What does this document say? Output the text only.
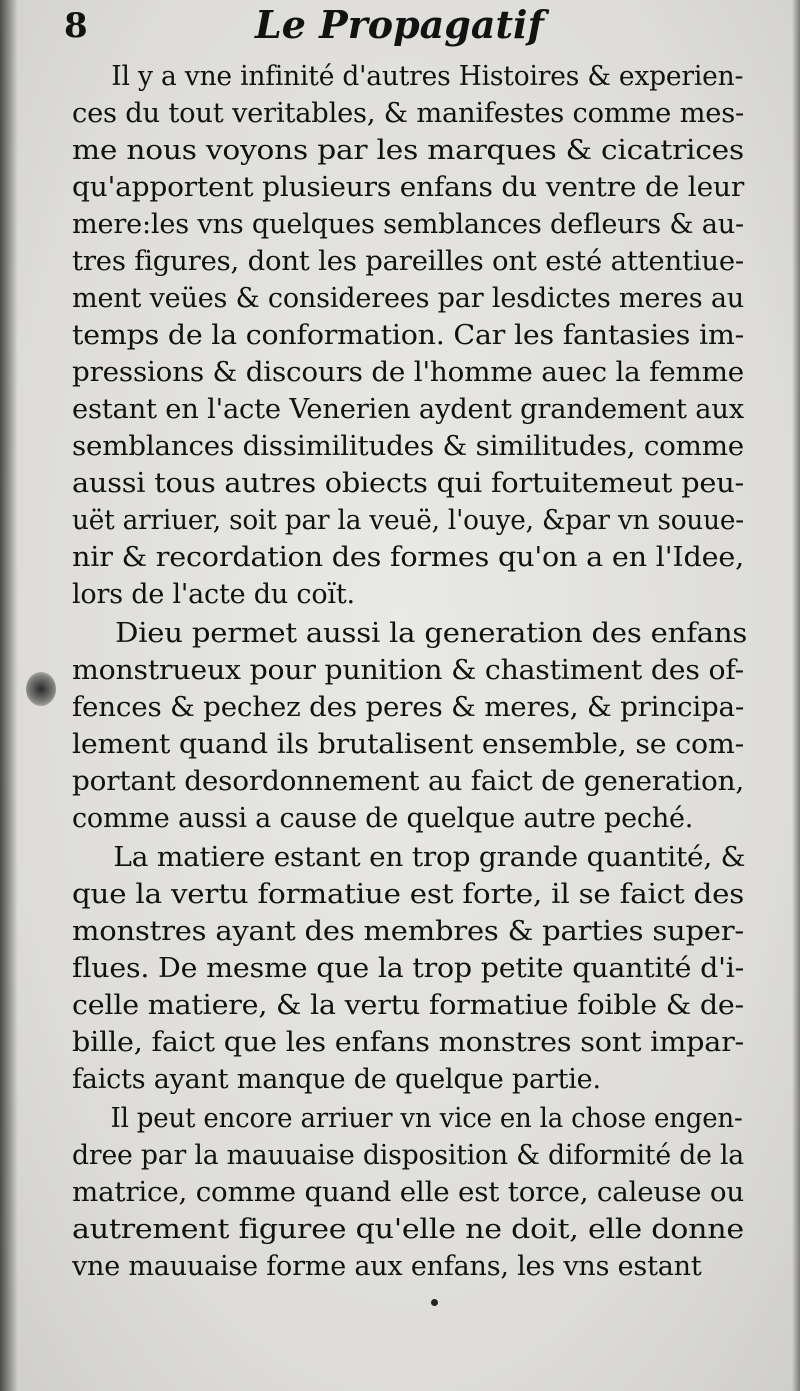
8	Le Propagatif
Il y a vne infinité d'autres Histoires & experien-
ces du tout veritables, & manifestes comme mes-
me nous voyons par les marques & cicatrices
qu'apportent plusieurs enfans du ventre de leur
mere:les vns quelques semblances defleurs & au-
tres figures, dont les pareilles ont esté attentiue-
ment veües & considerees par lesdictes meres au
temps de la conformation. Car les fantasies im-
pressions & discours de l'homme auec la femme
estant en l'acte Venerien aydent grandement aux
semblances dissimilitudes & similitudes, comme
aussi tous autres obiects qui fortuitemeut peu-
uët arriuer, soit par la veuë, l'ouye, &par vn souue-
nir & recordation des formes qu'on a en l'Idee,
lors de l'acte du coït.
Dieu permet aussi la generation des enfans
monstrueux pour punition & chastiment des of-
fences & pechez des peres & meres, & principa-
lement quand ils brutalisent ensemble, se com-
portant desordonnement au faict de generation,
comme aussi a cause de quelque autre peché.
La matiere estant en trop grande quantité, &
que la vertu formatiue est forte, il se faict des
monstres ayant des membres & parties super-
flues. De mesme que la trop petite quantité d'i-
celle matiere, & la vertu formatiue foible & de-
bille, faict que les enfans monstres sont impar-
faicts ayant manque de quelque partie.
Il peut encore arriuer vn vice en la chose engen-
dree par la mauuaise disposition & diformité de la
matrice, comme quand elle est torce, caleuse ou
autrement figuree qu'elle ne doit, elle donne
vne mauuaise forme aux enfans, les vns estant
